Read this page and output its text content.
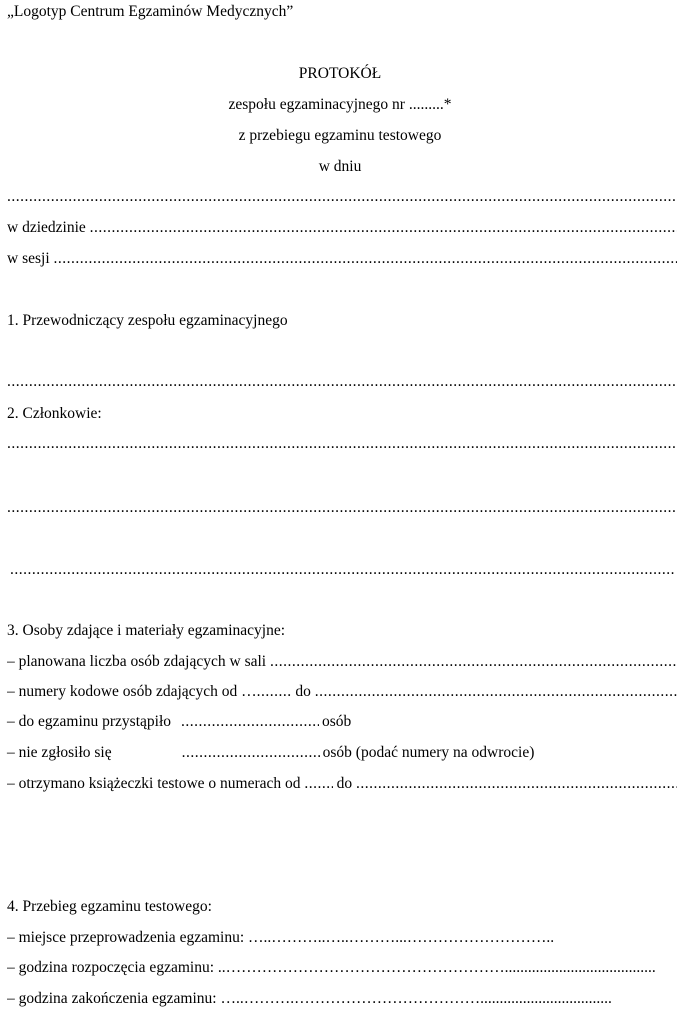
„Logotyp Centrum Egzaminów Medycznych”
PROTOKÓŁ
zespołu egzaminacyjnego nr .........*
z przebiegu egzaminu testowego
w dniu
.....
w dziedzinie

.....
w sesji

.....
1. Przewodniczący zespołu egzaminacyjnego
.....
2. Członkowie:
.....
.....
.....
3. Osoby zdające i materiały egzaminacyjne:
– planowana liczba osób zdających w sali

.....
– numery kodowe osób zdających od
… .....
do

.....
– do egzaminu przystąpiło .....	osób
– nie zgłosiło się .....	osób (podać numery na odwrocie)
– otrzymano książeczki testowe o numerach od
.....
do

.....
4. Przebieg egzaminu testowego:
– miejsce przeprowadzenia egzaminu:
…..………..…..………...………………………..
– godzina rozpoczęcia egzaminu:
..……………………………………………….......................................
– godzina zakończenia egzaminu:
…..……….………………………………..................................
